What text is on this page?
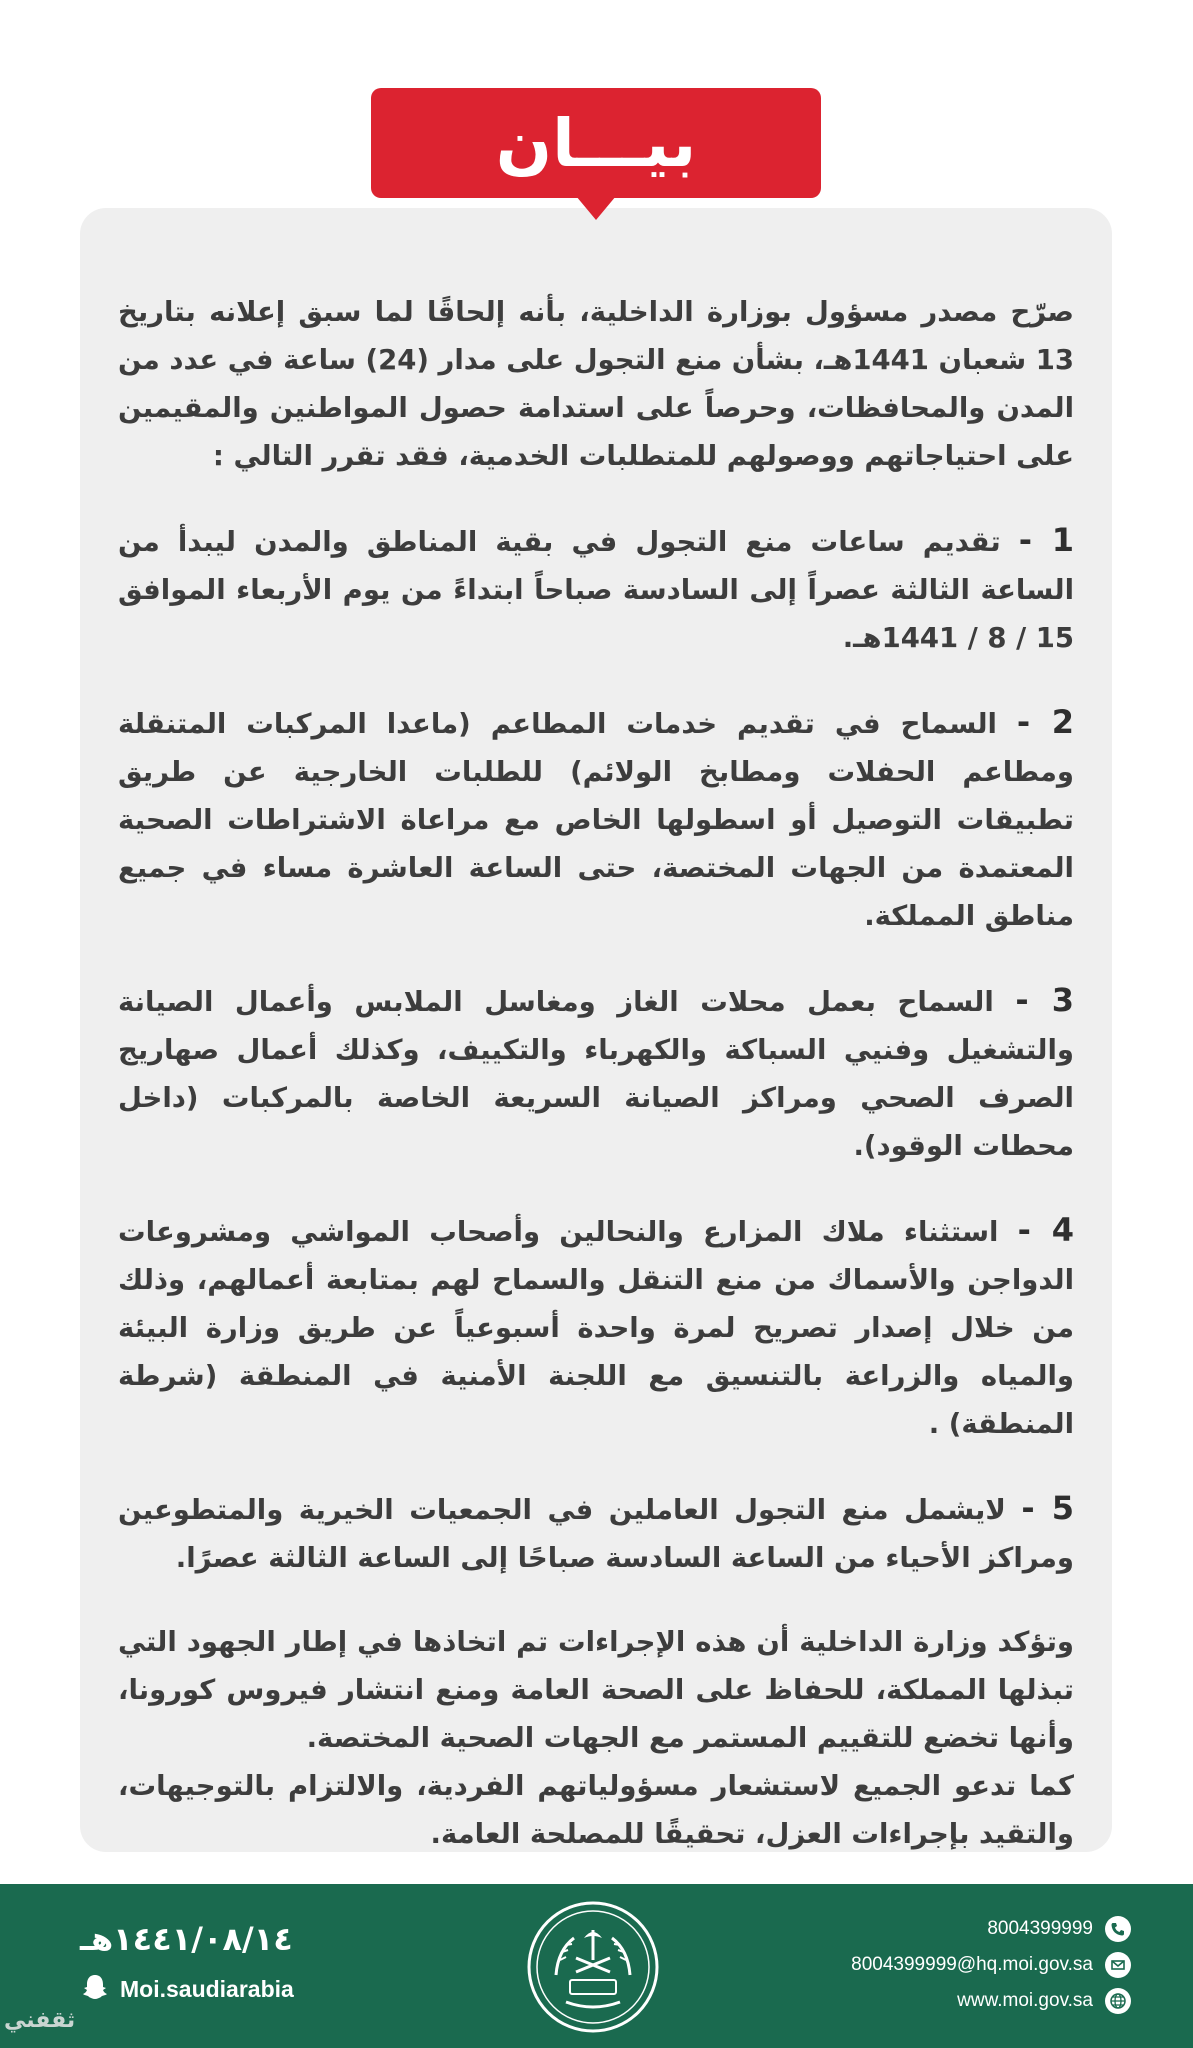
بيـــان

صرّح مصدر مسؤول بوزارة الداخلية، بأنه إلحاقًا لما سبق إعلانه بتاريخ 13 شعبان 1441هـ، بشأن منع التجول على مدار (24) ساعة في عدد من المدن والمحافظات، وحرصاً على استدامة حصول المواطنين والمقيمين على احتياجاتهم ووصولهم للمتطلبات الخدمية، فقد تقرر التالي :

1 - تقديم ساعات منع التجول في بقية المناطق والمدن ليبدأ من الساعة الثالثة عصراً إلى السادسة صباحاً ابتداءً من يوم الأربعاء الموافق 15 / 8 / 1441هـ.

2 - السماح في تقديم خدمات المطاعم (ماعدا المركبات المتنقلة ومطاعم الحفلات ومطابخ الولائم) للطلبات الخارجية عن طريق تطبيقات التوصيل أو اسطولها الخاص مع مراعاة الاشتراطات الصحية المعتمدة من الجهات المختصة، حتى الساعة العاشرة مساء في جميع مناطق المملكة.

3 - السماح بعمل محلات الغاز ومغاسل الملابس وأعمال الصيانة والتشغيل وفنيي السباكة والكهرباء والتكييف، وكذلك أعمال صهاريج الصرف الصحي ومراكز الصيانة السريعة الخاصة بالمركبات (داخل محطات الوقود).

4 - استثناء ملاك المزارع والنحالين وأصحاب المواشي ومشروعات الدواجن والأسماك من منع التنقل والسماح لهم بمتابعة أعمالهم، وذلك من خلال إصدار تصريح لمرة واحدة أسبوعياً عن طريق وزارة البيئة والمياه والزراعة بالتنسيق مع اللجنة الأمنية في المنطقة (شرطة المنطقة) .

5 - لايشمل منع التجول العاملين في الجمعيات الخيرية والمتطوعين ومراكز الأحياء من الساعة السادسة صباحًا إلى الساعة الثالثة عصرًا.

وتؤكد وزارة الداخلية أن هذه الإجراءات تم اتخاذها في إطار الجهود التي تبذلها المملكة، للحفاظ على الصحة العامة ومنع انتشار فيروس كورونا، وأنها تخضع للتقييم المستمر مع الجهات الصحية المختصة.

كما تدعو الجميع لاستشعار مسؤولياتهم الفردية، والالتزام بالتوجيهات، والتقيد بإجراءات العزل، تحقيقًا للمصلحة العامة.

١٤٤١/٠٨/١٤هـ
Moi.saudiarabia
8004399999
8004399999@hq.moi.gov.sa
www.moi.gov.sa
ثقفني
